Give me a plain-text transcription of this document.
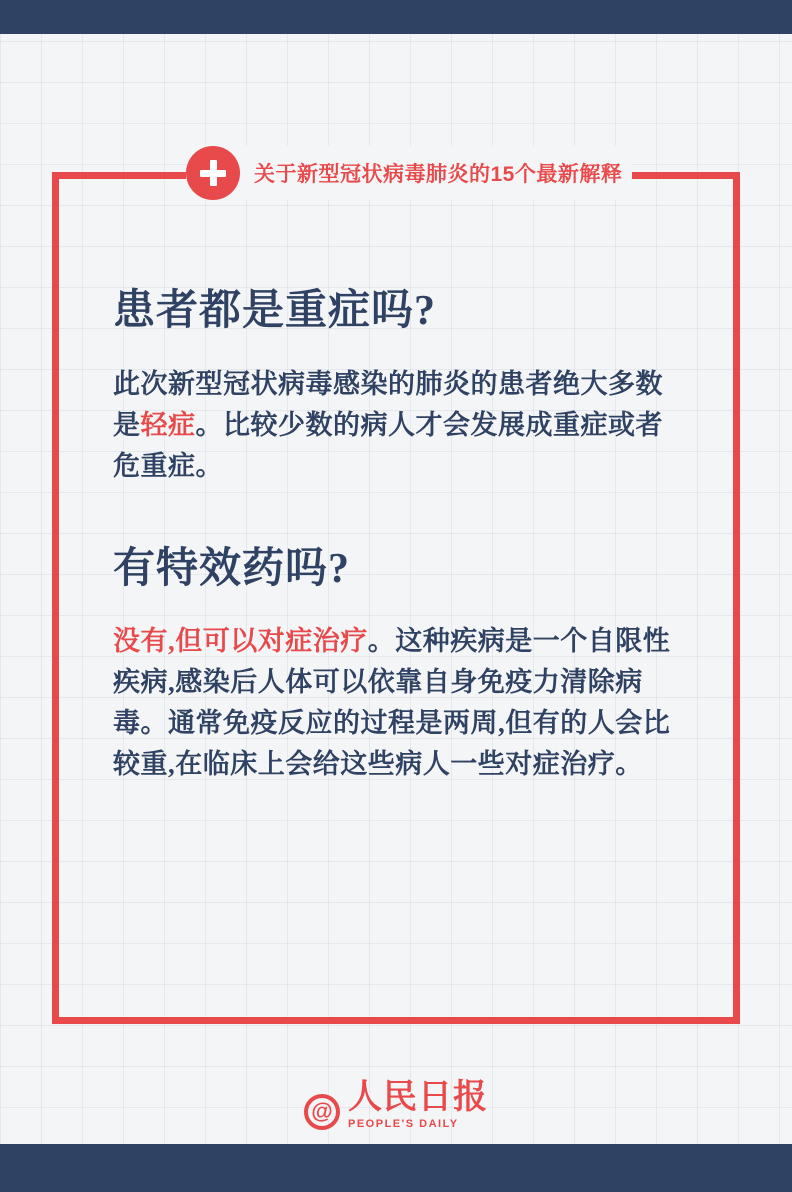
关于新型冠状病毒肺炎的15个最新解释
患者都是重症吗?

此次新型冠状病毒感染的肺炎的患者绝大多数是轻症。比较少数的病人才会发展成重症或者危重症。

有特效药吗?

没有,但可以对症治疗。这种疾病是一个自限性疾病,感染后人体可以依靠自身免疫力清除病毒。通常免疫反应的过程是两周,但有的人会比较重,在临床上会给这些病人一些对症治疗。

@
人民日报
PEOPLE'S DAILY
